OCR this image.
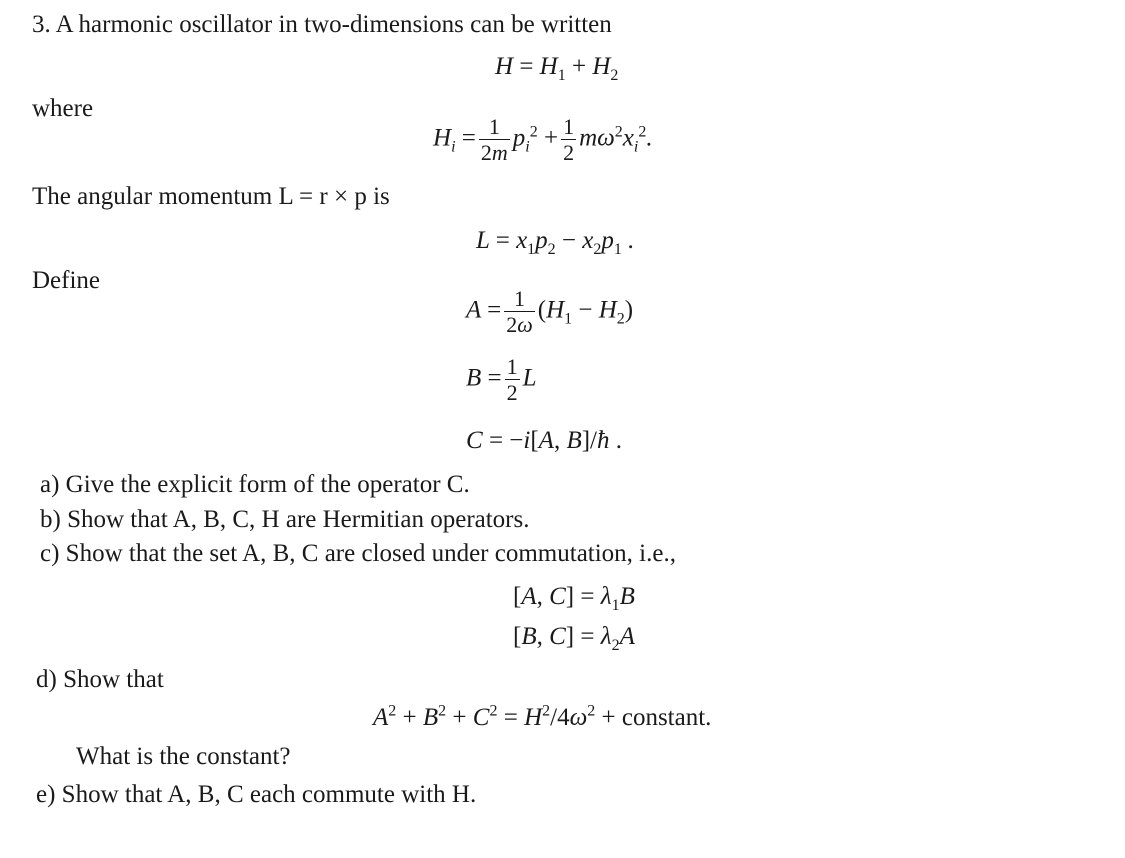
3. A harmonic oscillator in two-dimensions can be written
$H = H_1 + H_2$
where
$H_i = \frac{1}{2m} p_i^2 + \frac{1}{2} m\omega^2x_i^2$.
The angular momentum L = r × p is
$L = x_1p_2 - x_2p_1$ .
Define
$A = \frac{1}{2\omega} (H_1 - H_2)$
$B = \frac{1}{2}$ L
C = −i[A, B]/ħ .
a) Give the explicit form of the operator C.
b) Show that A, B, C, H are Hermitian operators.
c) Show that the set A, B, C are closed under commutation, i.e.,
[A, $C] = \lambda_1B$
[B, $C] = \lambda_2A$
d) Show that
$A^2 + B^2 + C^2 = H^2/4\omega^2$ + constant.
What is the constant?
e) Show that A, B, C each commute with H.
